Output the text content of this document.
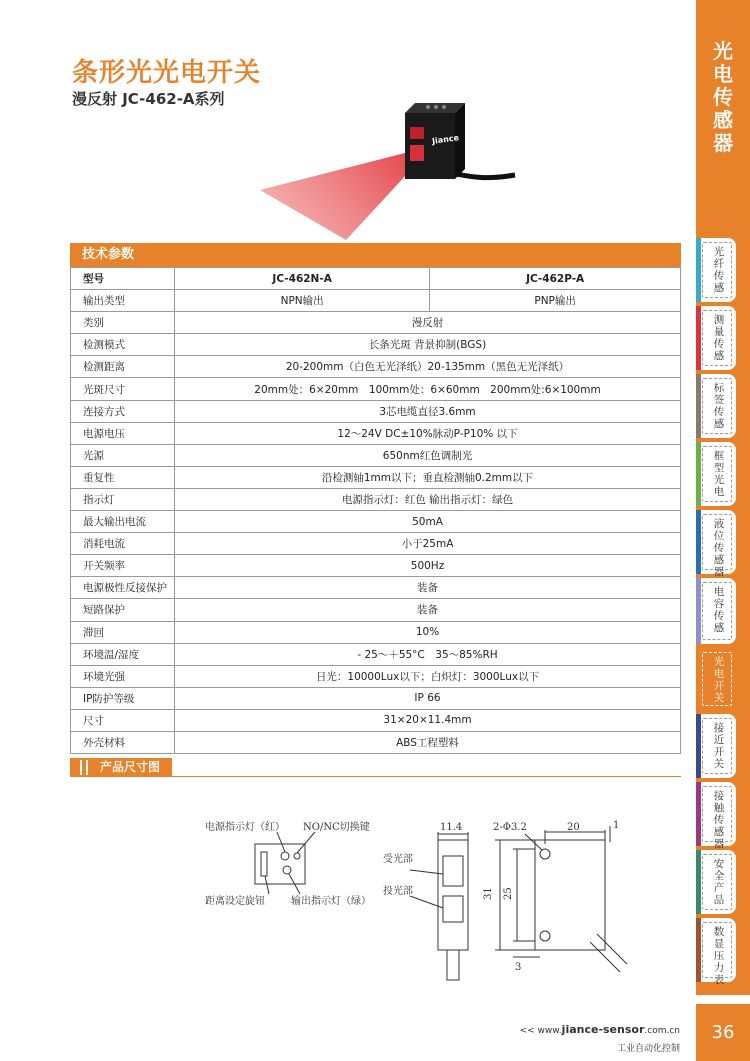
条形光光电开关
漫反射 JC-462-A系列
Jiance
技术参数
型号	JC-462N-A	JC-462P-A
输出类型	NPN输出	PNP输出
类别	漫反射	
检测模式	长条光斑 背景抑制(BGS)	
检测距离	20-200mm（白色无光泽纸）20-135mm（黑色无光泽纸）	
光斑尺寸	20mm处：6×20mm　100mm处：6×60mm　200mm处:6×100mm	
连接方式	3芯电缆直径3.6mm	
电源电压	12～24V DC±10%脉动P-P10% 以下	
光源	650nm红色调制光	
重复性	沿检测轴1mm以下；垂直检测轴0.2mm以下	
指示灯	电源指示灯：红色 输出指示灯：绿色	
最大输出电流	50mA	
消耗电流	小于25mA	
开关频率	500Hz	
电源极性反接保护	装备	
短路保护	装备	
滞回	10%	
环境温/湿度	- 25～＋55°C　35～85%RH	
环境光强	日光：10000Lux以下；白炽灯：3000Lux以下	
IP防护等级	IP 66	
尺寸	31×20×11.4mm	
外壳材料	ABS工程塑料	
产品尺寸图
电源指示灯（红） NO/NC切换键
距离设定旋钮	输出指示灯（绿）
受光部
投光部
11.4	2-Φ3.2	20	1
31 25
3
光
电
传
感
器
光
纤
传
感
测
量
传
感
标
签
传
感
框
型
光
电
液
位
传
感
器
电
容
传
感
光
电
开
关
接
近
开
关
接
触
传
感
器
安
全
产
品
数
显
压
力
表
36
<< www.jiance-sensor.com.cn
工业自动化控制
